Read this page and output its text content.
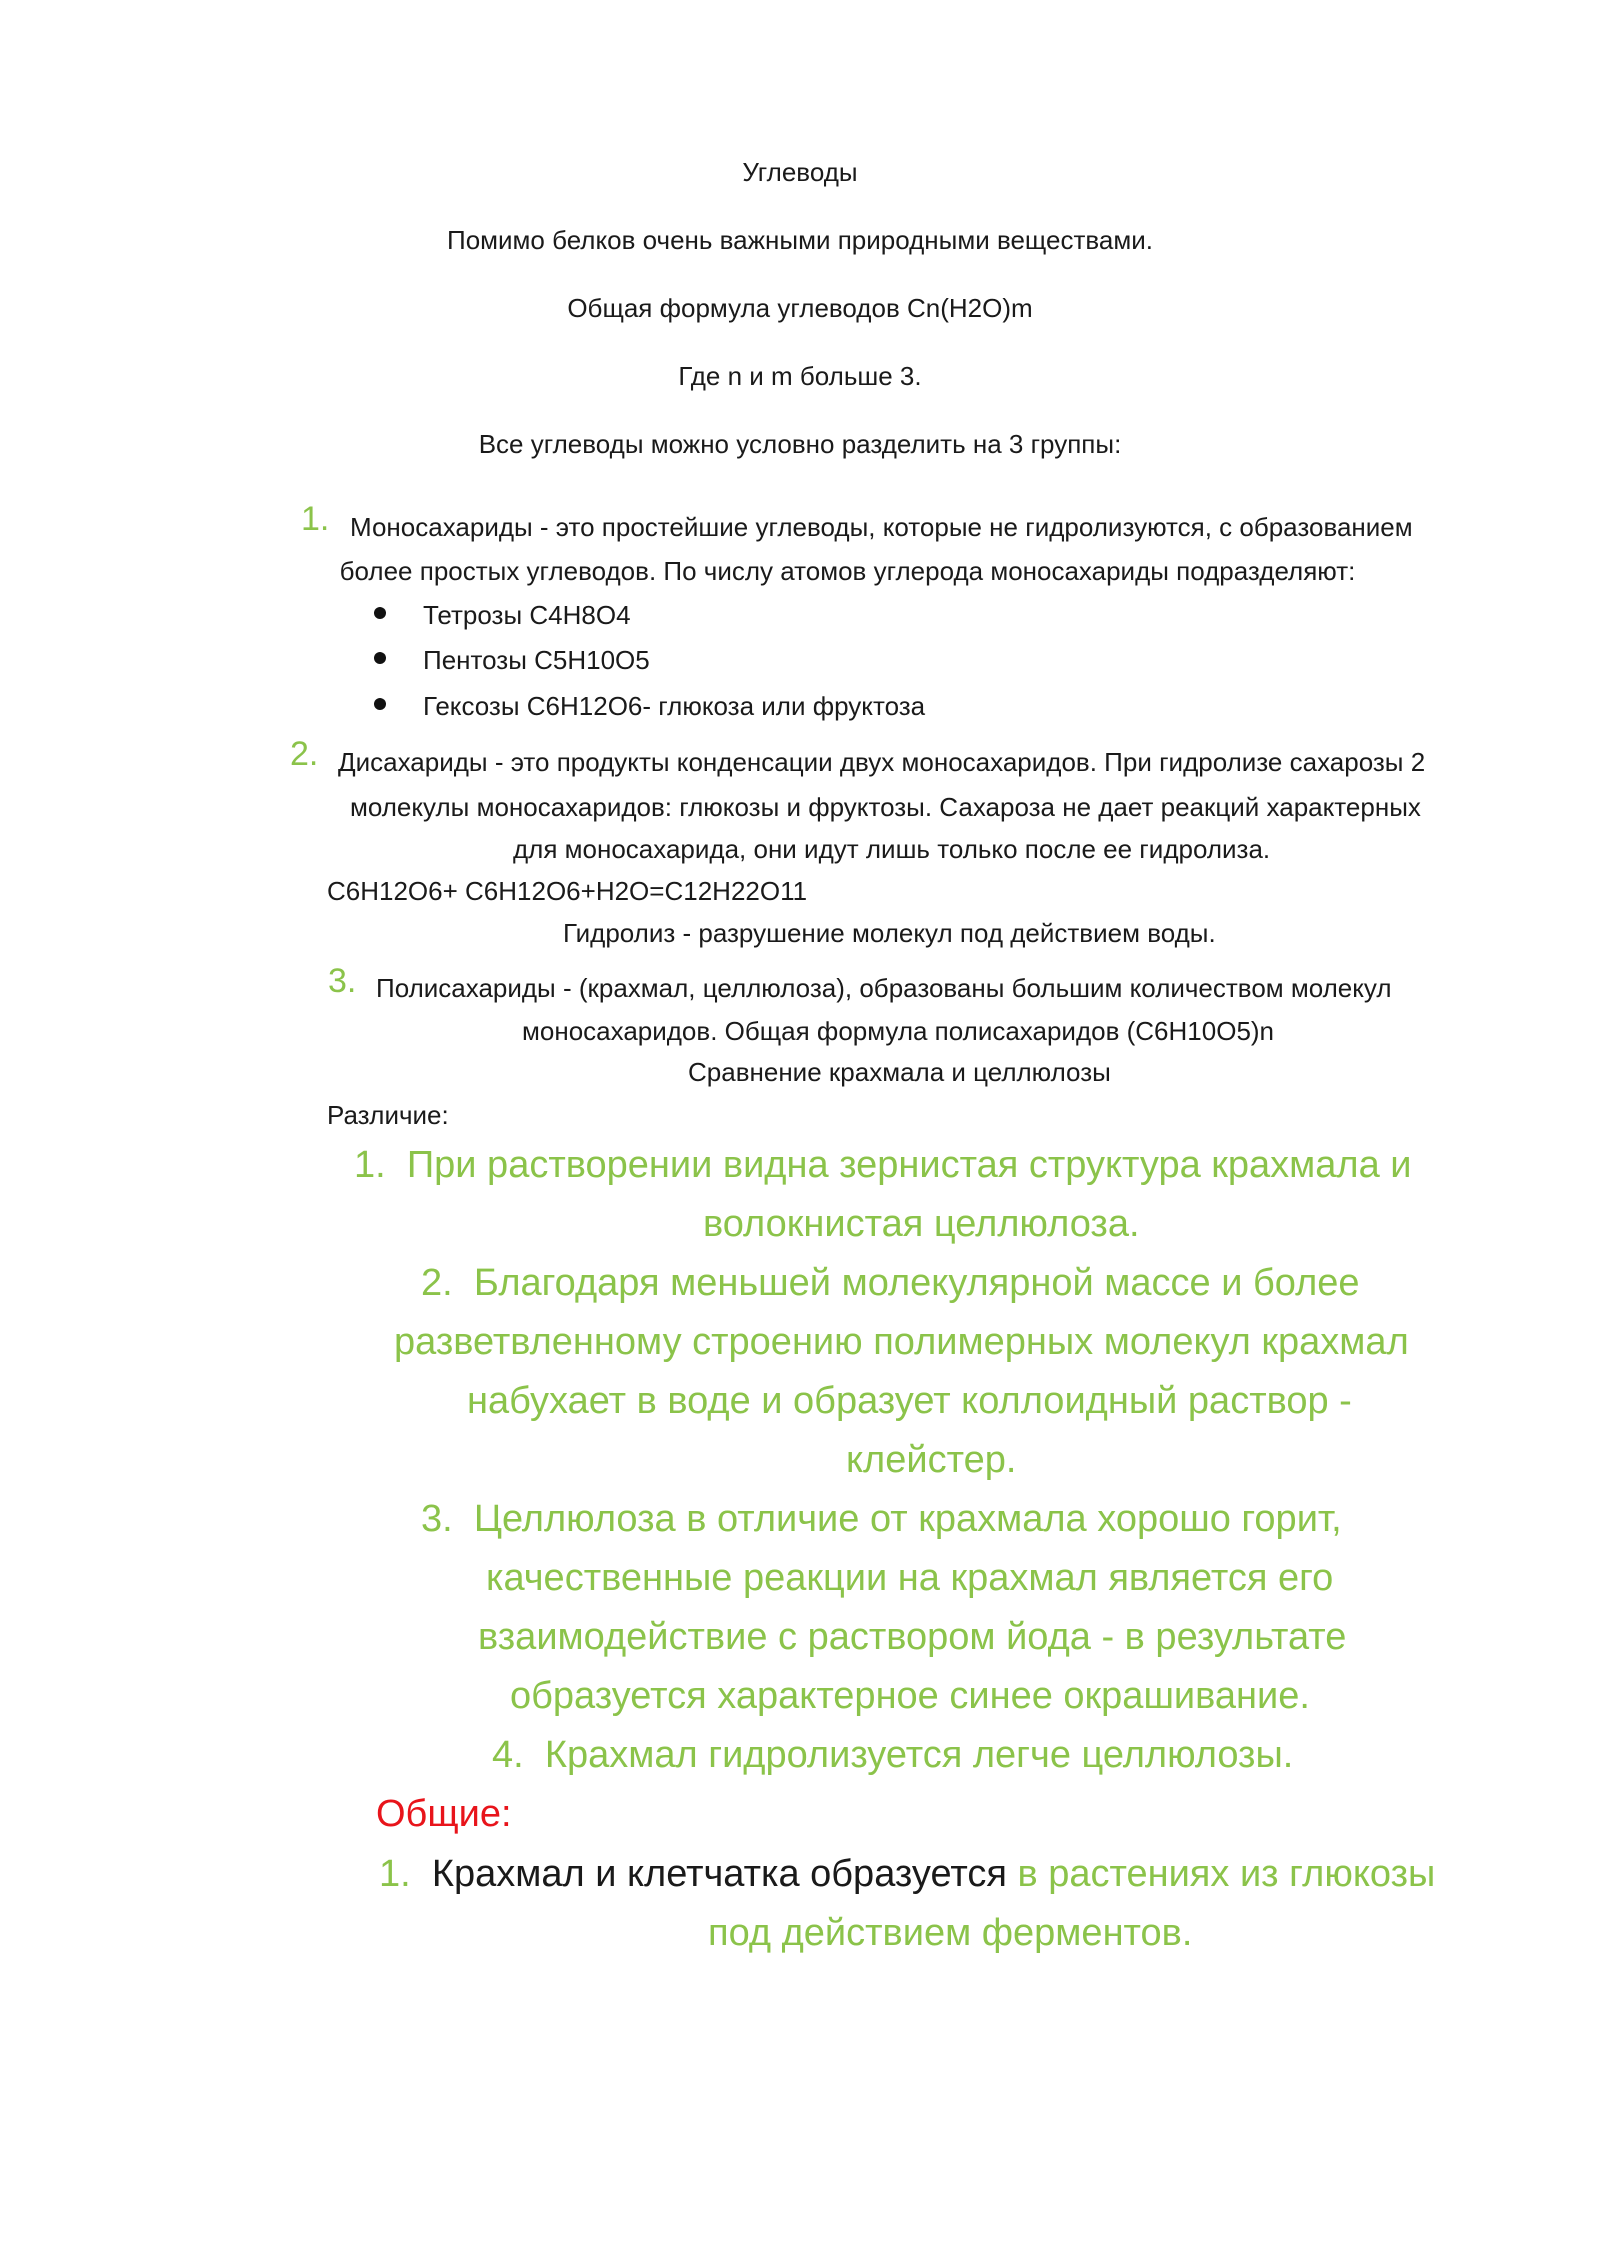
Углеводы
Помимо белков очень важными природными веществами.
Общая формула углеводов Cn(H2O)m
Где n и m больше 3.
Все углеводы можно условно разделить на 3 группы:
1. Моносахариды - это простейшие углеводы, которые не гидролизуются, с образованием
более простых углеводов. По числу атомов углерода моносахариды подразделяют:
Тетрозы C4H8O4
Пентозы C5H10O5
Гексозы C6H12O6- глюкоза или фруктоза
2. Дисахариды - это продукты конденсации двух моносахаридов. При гидролизе сахарозы 2
молекулы моносахаридов: глюкозы и фруктозы. Сахароза не дает реакций характерных
для моносахарида, они идут лишь только после ее гидролиза.
C6H12O6+ C6H12O6+H2O=C12H22O11
Гидролиз - разрушение молекул под действием воды.
3. Полисахариды - (крахмал, целлюлоза), образованы большим количеством молекул
моносахаридов. Общая формула полисахаридов (C6H10O5)n
Сравнение крахмала и целлюлозы
Различие:
1. При растворении видна зернистая структура крахмала и
волокнистая целлюлоза.
2. Благодаря меньшей молекулярной массе и более
разветвленному строению полимерных молекул крахмал
набухает в воде и образует коллоидный раствор -
клейстер.
3. Целлюлоза в отличие от крахмала хорошо горит,
качественные реакции на крахмал является его
взаимодействие с раствором йода - в результате
образуется характерное синее окрашивание.
4. Крахмал гидролизуется легче целлюлозы.
Общие:
1. Крахмал и клетчатка образуется в растениях из глюкозы
под действием ферментов.
